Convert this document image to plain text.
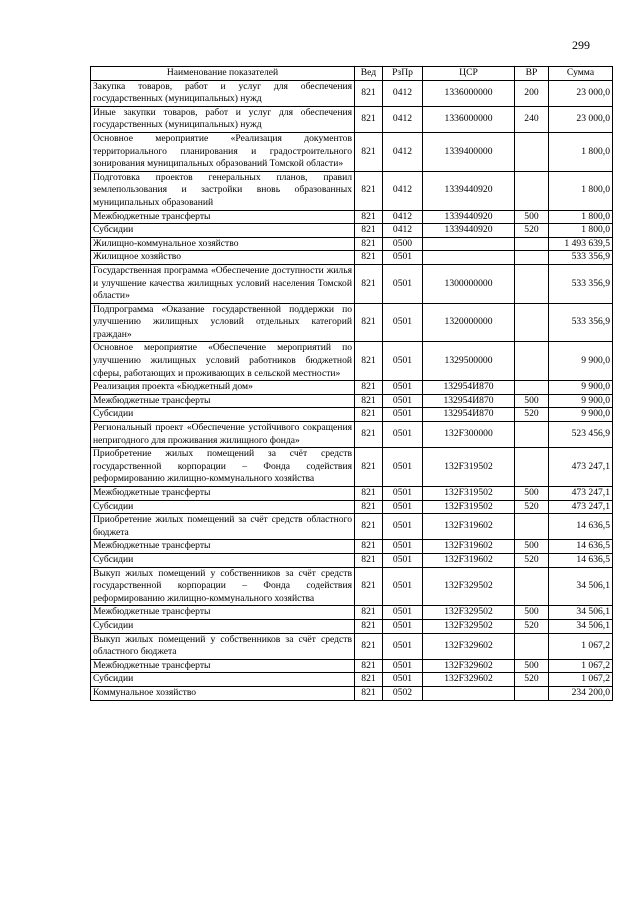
299
Наименование показателей	Вед	РзПр	ЦСР	ВР	Сумма
Закупка товаров, работ и услуг для обеспечения государственных (муниципальных) нужд	821	0412	1336000000	200	23 000,0
Иные закупки товаров, работ и услуг для обеспечения государственных (муниципальных) нужд	821	0412	1336000000	240	23 000,0
Основное мероприятие «Реализация документов территориального планирования и градостроительного зонирования муниципальных образований Томской области»	821	0412	1339400000		1 800,0
Подготовка проектов генеральных планов, правил землепользования и застройки вновь образованных муниципальных образований	821	0412	1339440920		1 800,0
Межбюджетные трансферты	821	0412	1339440920	500	1 800,0
Субсидии	821	0412	1339440920	520	1 800,0
Жилищно-коммунальное хозяйство	821	0500			1 493 639,5
Жилищное хозяйство	821	0501			533 356,9
Государственная программа «Обеспечение доступности жилья и улучшение качества жилищных условий населения Томской области»	821	0501	1300000000		533 356,9
Подпрограмма «Оказание государственной поддержки по улучшению жилищных условий отдельных категорий граждан»	821	0501	1320000000		533 356,9
Основное мероприятие «Обеспечение мероприятий по улучшению жилищных условий работников бюджетной сферы, работающих и проживающих в сельской местности»	821	0501	1329500000		9 900,0
Реализация проекта «Бюджетный дом»	821	0501	132954И870		9 900,0
Межбюджетные трансферты	821	0501	132954И870	500	9 900,0
Субсидии	821	0501	132954И870	520	9 900,0
Региональный проект «Обеспечение устойчивого сокращения непригодного для проживания жилищного фонда»	821	0501	132F300000		523 456,9
Приобретение жилых помещений за счёт средств государственной корпорации – Фонда содействия реформированию жилищно-коммунального хозяйства	821	0501	132F319502		473 247,1
Межбюджетные трансферты	821	0501	132F319502	500	473 247,1
Субсидии	821	0501	132F319502	520	473 247,1
Приобретение жилых помещений за счёт средств областного бюджета	821	0501	132F319602		14 636,5
Межбюджетные трансферты	821	0501	132F319602	500	14 636,5
Субсидии	821	0501	132F319602	520	14 636,5
Выкуп жилых помещений у собственников за счёт средств государственной корпорации – Фонда содействия реформированию жилищно-коммунального хозяйства	821	0501	132F329502		34 506,1
Межбюджетные трансферты	821	0501	132F329502	500	34 506,1
Субсидии	821	0501	132F329502	520	34 506,1
Выкуп жилых помещений у собственников за счёт средств областного бюджета	821	0501	132F329602		1 067,2
Межбюджетные трансферты	821	0501	132F329602	500	1 067,2
Субсидии	821	0501	132F329602	520	1 067,2
Коммунальное хозяйство	821	0502			234 200,0
